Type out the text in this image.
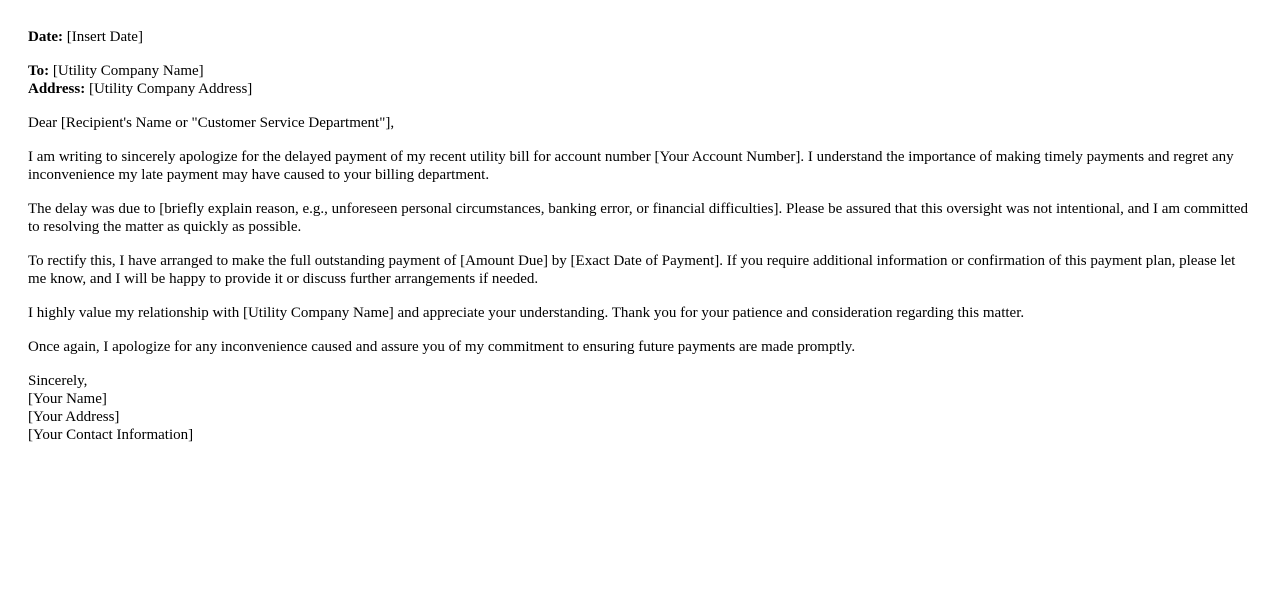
Date: [Insert Date]
To: [Utility Company Name]
Address: [Utility Company Address]

Dear [Recipient's Name or "Customer Service Department"],

I am writing to sincerely apologize for the delayed payment of my recent utility bill for account number [Your Account Number]. I understand the importance of making timely payments and regret any inconvenience my late payment may have caused to your billing department.

The delay was due to [briefly explain reason, e.g., unforeseen personal circumstances, banking error, or financial difficulties]. Please be assured that this oversight was not intentional, and I am committed to resolving the matter as quickly as possible.

To rectify this, I have arranged to make the full outstanding payment of [Amount Due] by [Exact Date of Payment]. If you require additional information or confirmation of this payment plan, please let me know, and I will be happy to provide it or discuss further arrangements if needed.

I highly value my relationship with [Utility Company Name] and appreciate your understanding. Thank you for your patience and consideration regarding this matter.

Once again, I apologize for any inconvenience caused and assure you of my commitment to ensuring future payments are made promptly.

Sincerely,
[Your Name]
[Your Address]
[Your Contact Information]
